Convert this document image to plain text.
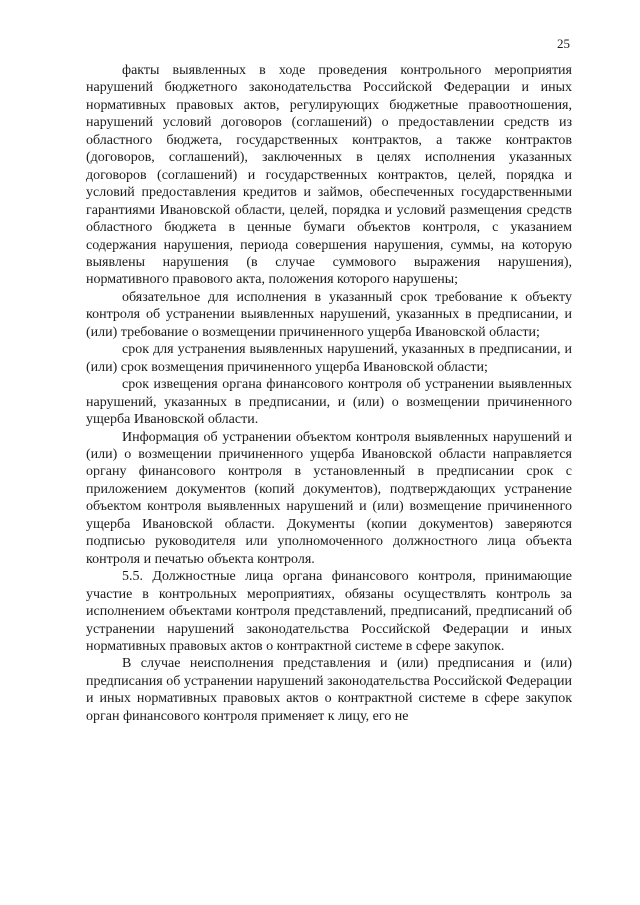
25

факты выявленных в ходе проведения контрольного мероприятия нарушений бюджетного законодательства Российской Федерации и иных нормативных правовых актов, регулирующих бюджетные правоотношения, нарушений условий договоров (соглашений) о предоставлении средств из областного бюджета, государственных контрактов, а также контрактов (договоров, соглашений), заключенных в целях исполнения указанных договоров (соглашений) и государственных контрактов, целей, порядка и условий предоставления кредитов и займов, обеспеченных государственными гарантиями Ивановской области, целей, порядка и условий размещения средств областного бюджета в ценные бумаги объектов контроля, с указанием содержания нарушения, периода совершения нарушения, суммы, на которую выявлены нарушения (в случае суммового выражения нарушения), нормативного правового акта, положения которого нарушены;

обязательное для исполнения в указанный срок требование к объекту контроля об устранении выявленных нарушений, указанных в предписании, и (или) требование о возмещении причиненного ущерба Ивановской области;

срок для устранения выявленных нарушений, указанных в предписании, и (или) срок возмещения причиненного ущерба Ивановской области;

срок извещения органа финансового контроля об устранении выявленных нарушений, указанных в предписании, и (или) о возмещении причиненного ущерба Ивановской области.

Информация об устранении объектом контроля выявленных нарушений и (или) о возмещении причиненного ущерба Ивановской области направляется органу финансового контроля в установленный в предписании срок с приложением документов (копий документов), подтверждающих устранение объектом контроля выявленных нарушений и (или) возмещение причиненного ущерба Ивановской области. Документы (копии документов) заверяются подписью руководителя или уполномоченного должностного лица объекта контроля и печатью объекта контроля.

5.5. Должностные лица органа финансового контроля, принимающие участие в контрольных мероприятиях, обязаны осуществлять контроль за исполнением объектами контроля представлений, предписаний, предписаний об устранении нарушений законодательства Российской Федерации и иных нормативных правовых актов о контрактной системе в сфере закупок.

В случае неисполнения представления и (или) предписания и (или) предписания об устранении нарушений законодательства Российской Федерации и иных нормативных правовых актов о контрактной системе в сфере закупок орган финансового контроля применяет к лицу, его не
